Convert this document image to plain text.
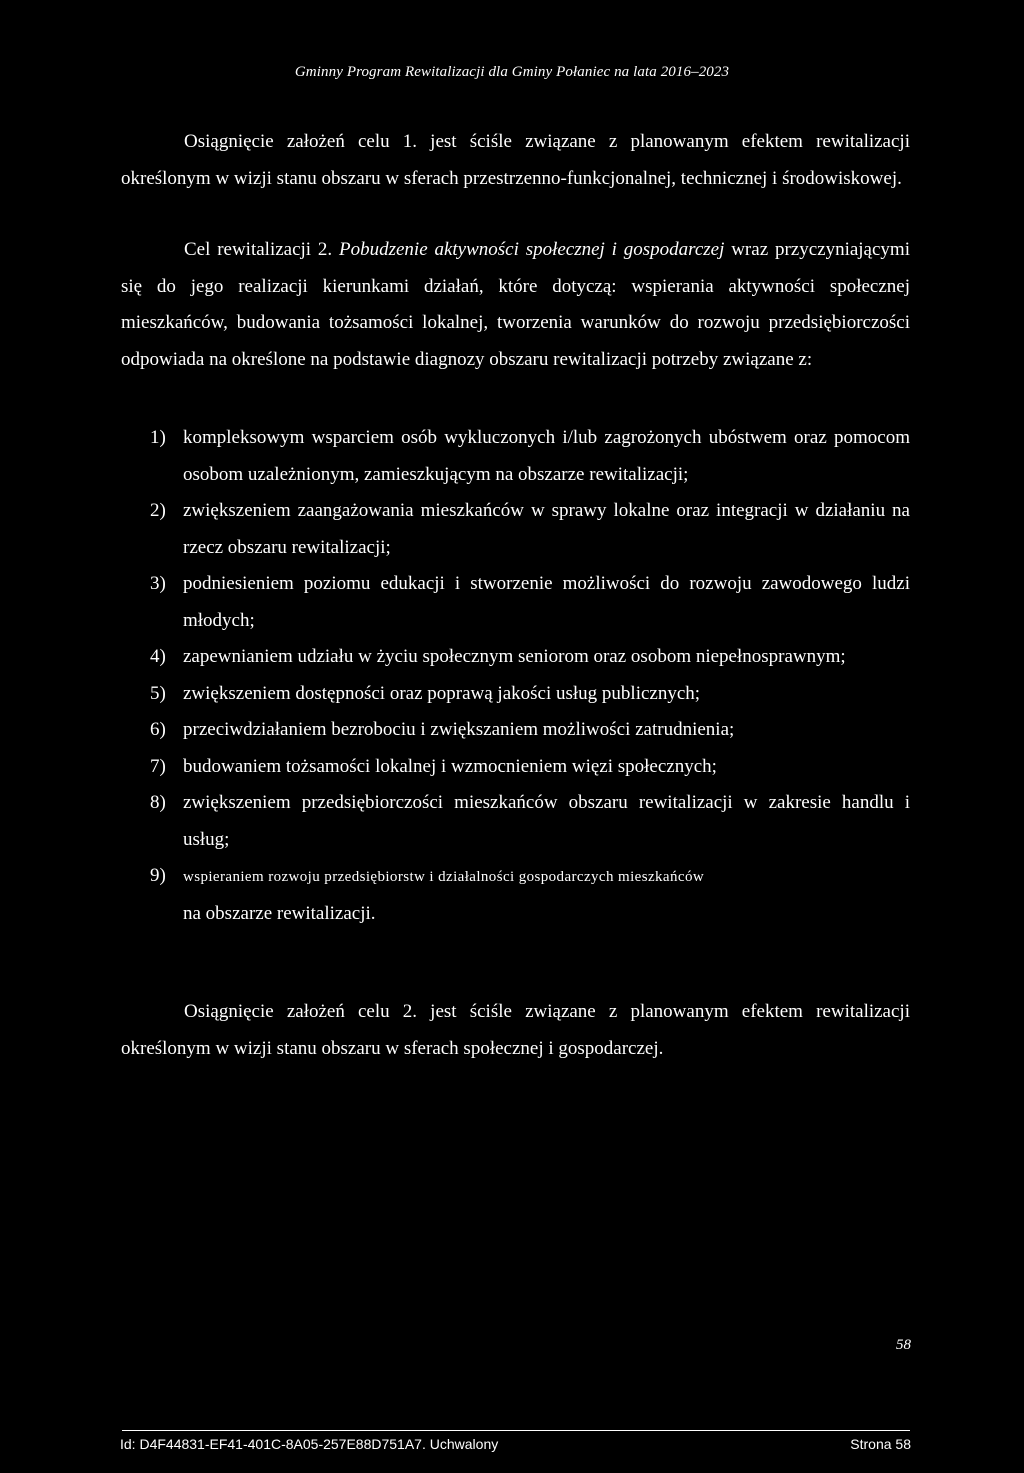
Gminny Program Rewitalizacji dla Gminy Połaniec na lata 2016–2023

Osiągnięcie założeń celu 1. jest ściśle związane z planowanym efektem rewitalizacji określonym w wizji stanu obszaru w sferach przestrzenno-funkcjonalnej, technicznej i środowiskowej.

Cel rewitalizacji 2. Pobudzenie aktywności społecznej i gospodarczej wraz przyczyniającymi się do jego realizacji kierunkami działań, które dotyczą: wspierania aktywności społecznej mieszkańców, budowania tożsamości lokalnej, tworzenia warunków do rozwoju przedsiębiorczości odpowiada na określone na podstawie diagnozy obszaru rewitalizacji potrzeby związane z:

1) kompleksowym wsparciem osób wykluczonych i/lub zagrożonych ubóstwem oraz pomocom osobom uzależnionym, zamieszkującym na obszarze rewitalizacji;
2) zwiększeniem zaangażowania mieszkańców w sprawy lokalne oraz integracji w działaniu na rzecz obszaru rewitalizacji;
3) podniesieniem poziomu edukacji i stworzenie możliwości do rozwoju zawodowego ludzi młodych;
4) zapewnianiem udziału w życiu społecznym seniorom oraz osobom niepełnosprawnym;
5) zwiększeniem dostępności oraz poprawą jakości usług publicznych;
6) przeciwdziałaniem bezrobociu i zwiększaniem możliwości zatrudnienia;
7) budowaniem tożsamości lokalnej i wzmocnieniem więzi społecznych;
8) zwiększeniem przedsiębiorczości mieszkańców obszaru rewitalizacji w zakresie handlu i usług;
9) wspieraniem rozwoju przedsiębiorstw i działalności gospodarczych mieszkańców
na obszarze rewitalizacji.

Osiągnięcie założeń celu 2. jest ściśle związane z planowanym efektem rewitalizacji określonym w wizji stanu obszaru w sferach społecznej i gospodarczej.

58
Id: D4F44831-EF41-401C-8A05-257E88D751A7. Uchwalony	Strona 58
